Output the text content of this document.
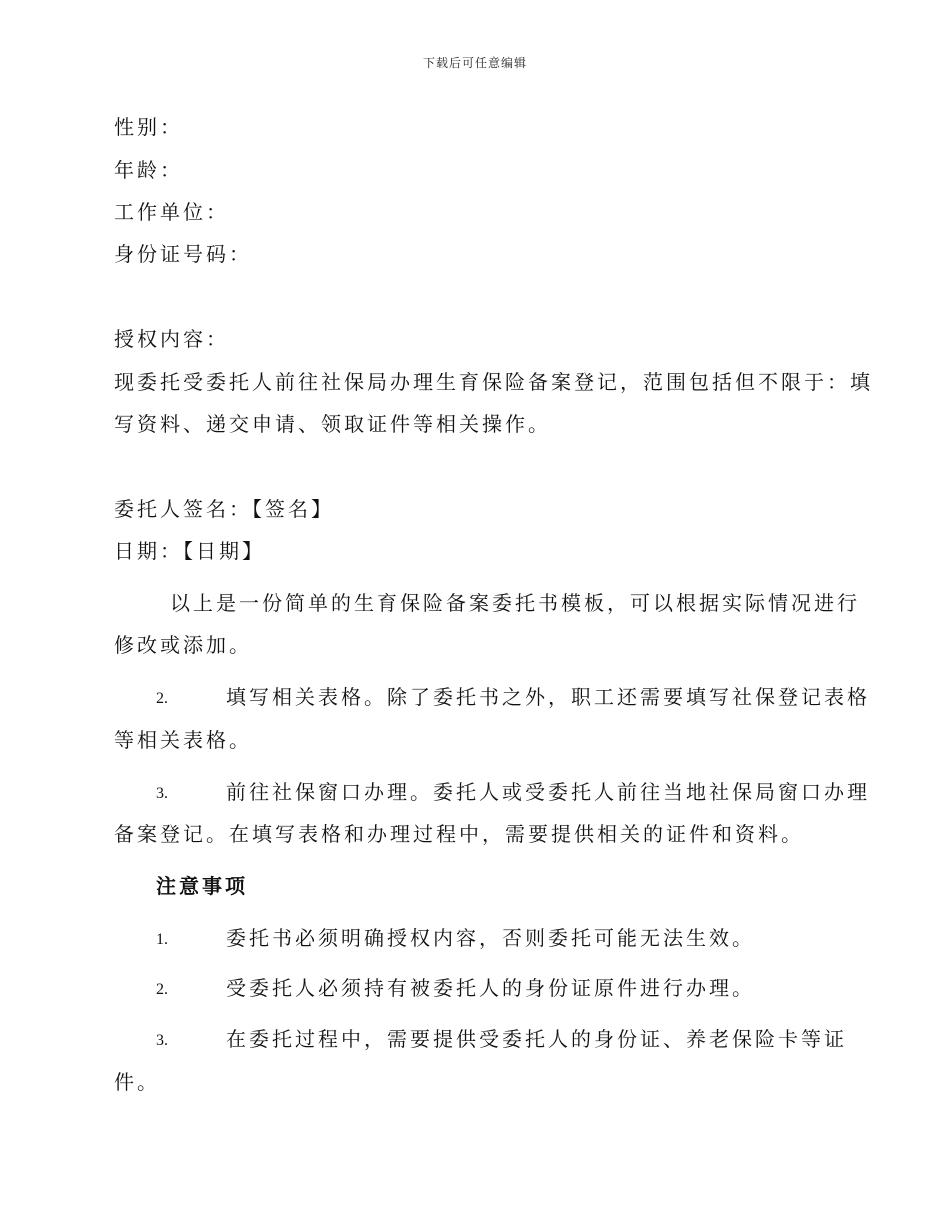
下载后可任意编辑
性别：
年龄：
工作单位：
身份证号码：
授权内容：
现委托受委托人前往社保局办理生育保险备案登记，范围包括但不限于：填
写资料、递交申请、领取证件等相关操作。
委托人签名：【签名】
日期：【日期】
以上是一份简单的生育保险备案委托书模板，可以根据实际情况进行
修改或添加。
2.	填写相关表格。除了委托书之外，职工还需要填写社保登记表格
等相关表格。
3.	前往社保窗口办理。委托人或受委托人前往当地社保局窗口办理
备案登记。在填写表格和办理过程中，需要提供相关的证件和资料。
注意事项
1.	委托书必须明确授权内容，否则委托可能无法生效。
2.	受委托人必须持有被委托人的身份证原件进行办理。
3.	在委托过程中，需要提供受委托人的身份证、养老保险卡等证
件。
